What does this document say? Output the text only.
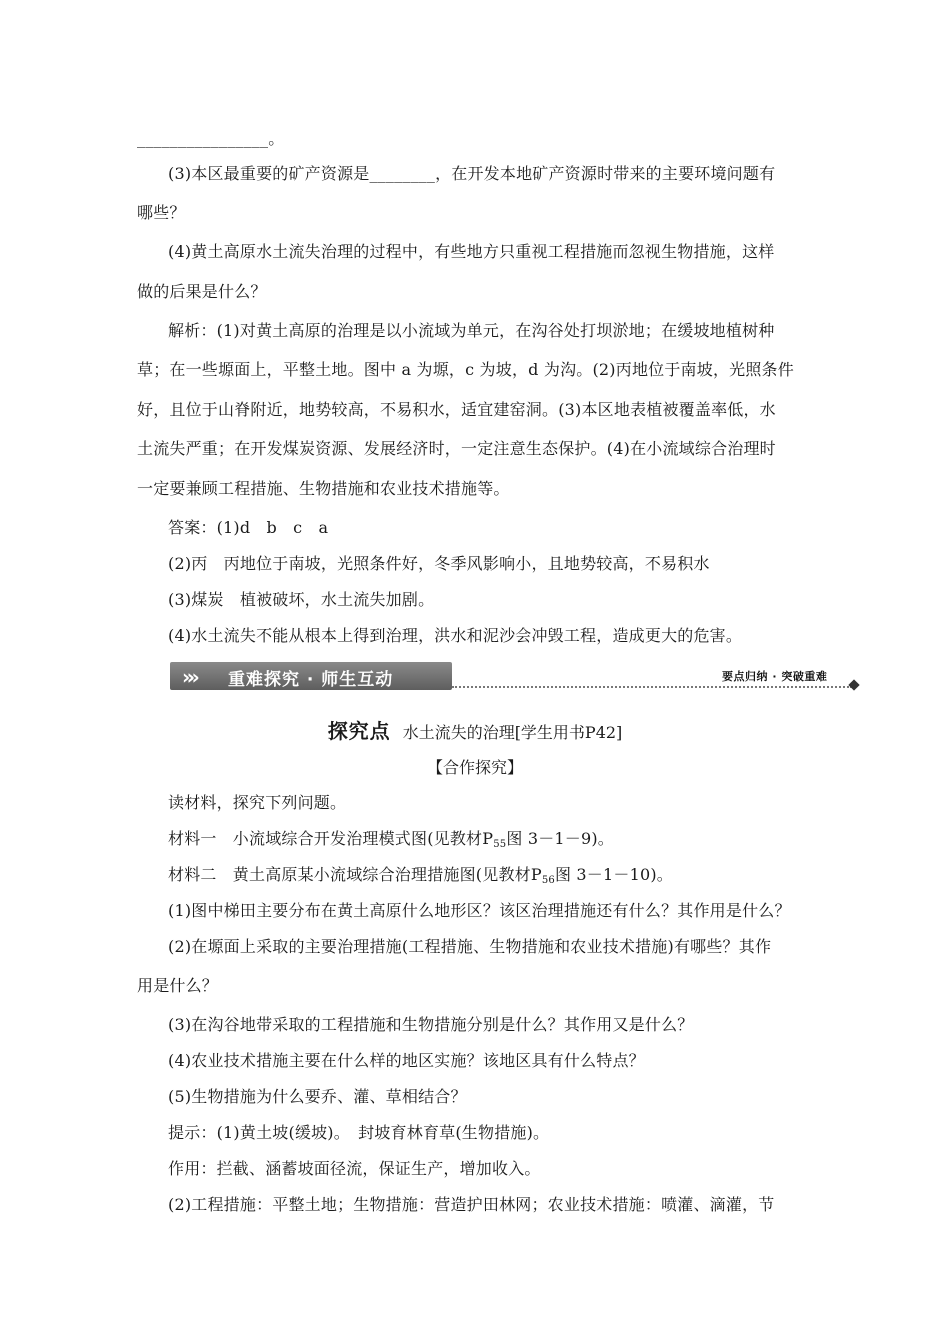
________________。
(3)本区最重要的矿产资源是________，在开发本地矿产资源时带来的主要环境问题有
哪些？
(4)黄土高原水土流失治理的过程中，有些地方只重视工程措施而忽视生物措施，这样
做的后果是什么？
解析：(1)对黄土高原的治理是以小流域为单元，在沟谷处打坝淤地；在缓坡地植树种
草；在一些塬面上，平整土地。图中 a 为塬，c 为坡，d 为沟。(2)丙地位于南坡，光照条件
好，且位于山脊附近，地势较高，不易积水，适宜建窑洞。(3)本区地表植被覆盖率低，水
土流失严重；在开发煤炭资源、发展经济时，一定注意生态保护。(4)在小流域综合治理时
一定要兼顾工程措施、生物措施和农业技术措施等。
答案：(1)d　b　c　a
(2)丙　丙地位于南坡，光照条件好，冬季风影响小，且地势较高，不易积水
(3)煤炭　植被破坏，水土流失加剧。
(4)水土流失不能从根本上得到治理，洪水和泥沙会冲毁工程，造成更大的危害。
»» 重难探究 · 师生互动	要点归纳 · 突破重难
探究点 水土流失的治理[学生用书P42]
【合作探究】
读材料，探究下列问题。
材料一　小流域综合开发治理模式图(见教材$P_{55}$图 3－1－9)。
材料二　黄土高原某小流域综合治理措施图(见教材$P_{56}$图 3－1－10)。
(1)图中梯田主要分布在黄土高原什么地形区？该区治理措施还有什么？其作用是什么？
(2)在塬面上采取的主要治理措施(工程措施、生物措施和农业技术措施)有哪些？其作
用是什么？
(3)在沟谷地带采取的工程措施和生物措施分别是什么？其作用又是什么？
(4)农业技术措施主要在什么样的地区实施？该地区具有什么特点？
(5)生物措施为什么要乔、灌、草相结合？
提示：(1)黄土坡(缓坡)。　封坡育林育草(生物措施)。
作用：拦截、涵蓄坡面径流，保证生产，增加收入。
(2)工程措施：平整土地；生物措施：营造护田林网；农业技术措施：喷灌、滴灌，节
